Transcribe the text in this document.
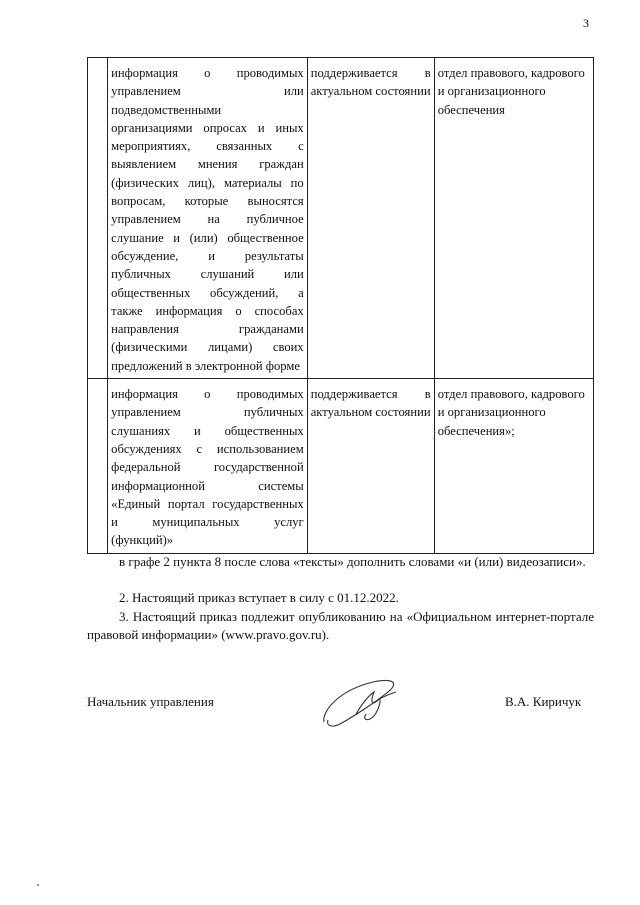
3
	информация о проводимых управлением или подведомственными организациями опросах и иных мероприятиях, связанных с выявлением мнения граждан (физических лиц), материалы по вопросам, которые выносятся управлением на публичное слушание и (или) общественное обсуждение, и результаты публичных слушаний или общественных обсуждений, а также информация о способах направления гражданами (физическими лицами) своих предложений в электронной форме	поддерживается в актуальном состоянии	отдел правового, кадрового и организационного обеспечения
	информация о проводимых управлением публичных слушаниях и общественных обсуждениях с использованием федеральной государственной информационной системы «Единый портал государственных и муниципальных услуг (функций)»	поддерживается в актуальном состоянии	отдел правового, кадрового и организационного обеспечения»;
в графе 2 пункта 8 после слова «тексты» дополнить словами «и (или) видеозаписи».
2. Настоящий приказ вступает в силу с 01.12.2022.
3. Настоящий приказ подлежит опубликованию на «Официальном интернет-портале правовой информации» (www.pravo.gov.ru).
Начальник управления	В.А. Киричук
